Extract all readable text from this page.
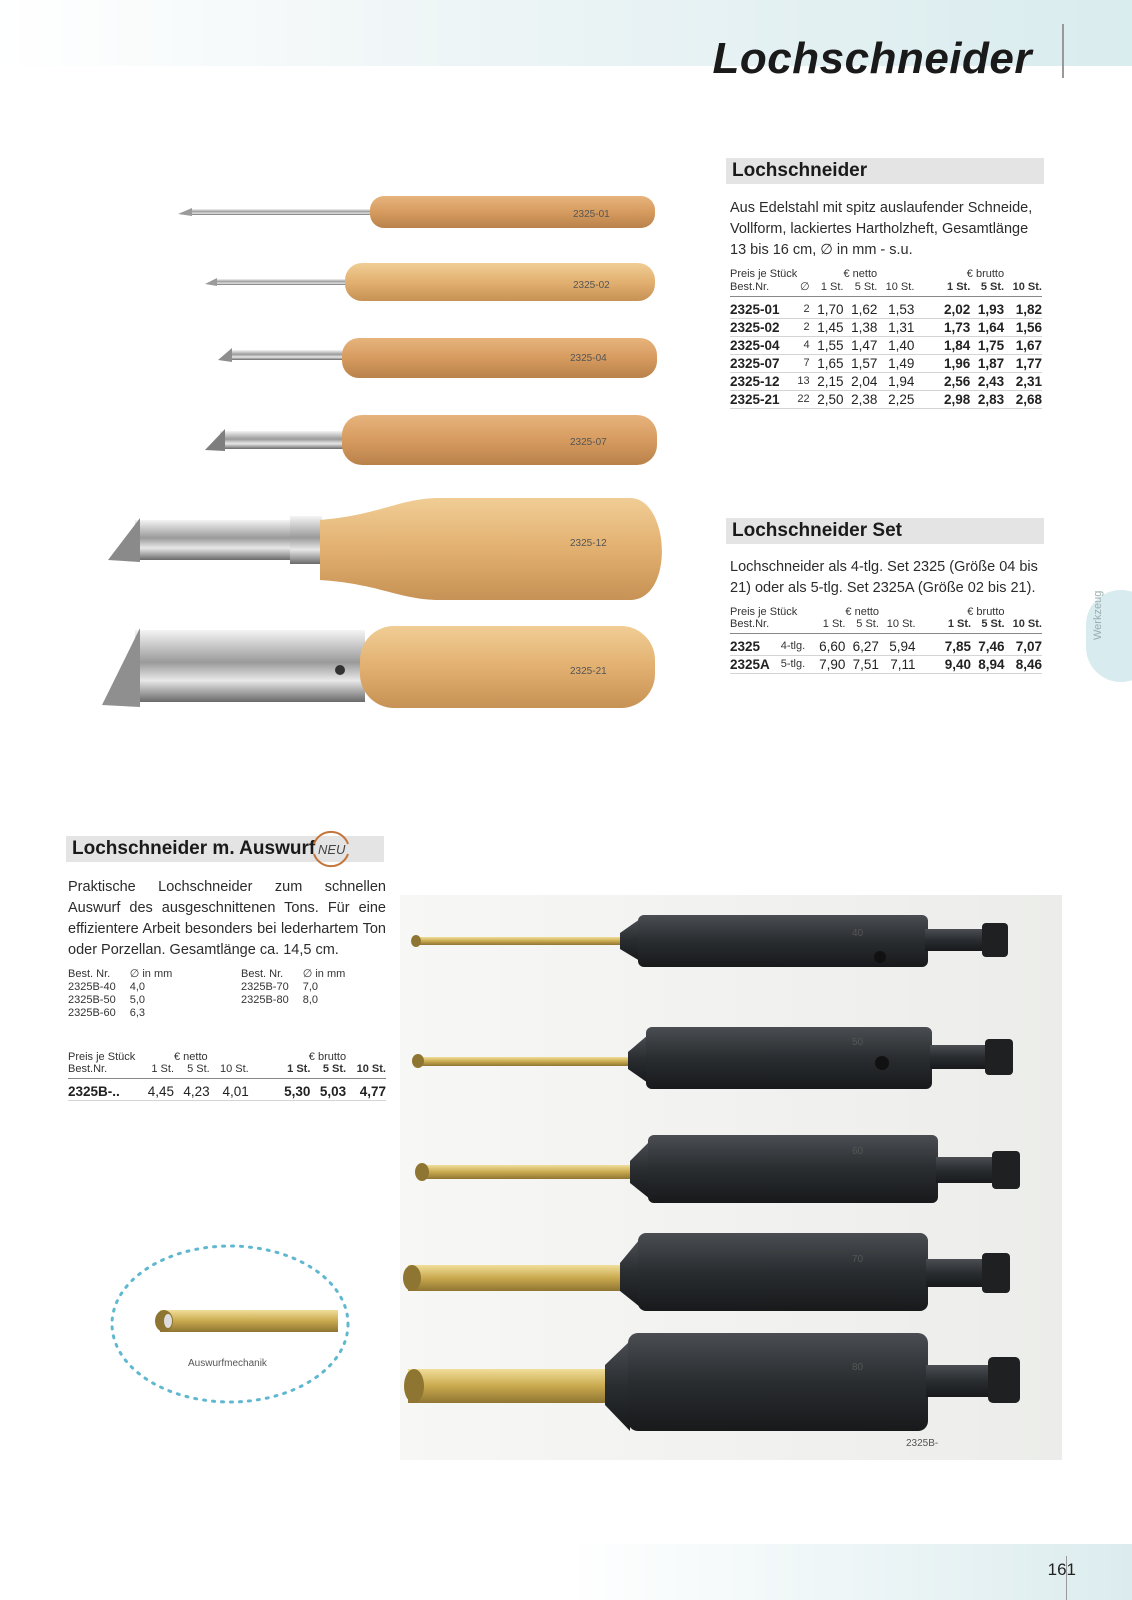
Lochschneider
Werkzeug
2325-01
2325-02
2325-04
2325-07
2325-12
2325-21
Lochschneider
Aus Edelstahl mit spitz auslaufender Schneide, Vollform, lackiertes Hartholzheft, Gesamtlänge 13 bis 16 cm, ∅ in mm - s.u.
Preis je Stück			€ netto			€ brutto		
Best.Nr.	∅	1 St.	5 St.	10 St.		1 St.	5 St.	10 St.
2325-01	2	1,70	1,62	1,53		2,02	1,93	1,82
2325-02	2	1,45	1,38	1,31		1,73	1,64	1,56
2325-04	4	1,55	1,47	1,40		1,84	1,75	1,67
2325-07	7	1,65	1,57	1,49		1,96	1,87	1,77
2325-12	13	2,15	2,04	1,94		2,56	2,43	2,31
2325-21	22	2,50	2,38	2,25		2,98	2,83	2,68
Lochschneider Set
Lochschneider als 4-tlg. Set 2325 (Größe 04 bis 21) oder als 5-tlg. Set 2325A (Größe 02 bis 21).
Preis je Stück			€ netto		€ brutto			
Best.Nr.		1 St.	5 St.	10 St.		1 St.	5 St.	10 St.
2325	4-tlg.	6,60	6,27	5,94		7,85	7,46	7,07
2325A	5-tlg.	7,90	7,51	7,11		9,40	8,94	8,46
Lochschneider m. Auswurf NEU
Praktische Lochschneider zum schnellen Auswurf des ausgeschnittenen Tons. Für eine effizientere Arbeit besonders bei lederhartem Ton oder Porzellan. Gesamtlänge ca. 14,5 cm.
Best. Nr.	∅ in mm
2325B-40	4,0
2325B-50	5,0
2325B-60	6,3
Best. Nr.	∅ in mm
2325B-70	7,0
2325B-80	8,0
Preis je Stück		€ netto			€ brutto		
Best.Nr.	1 St.	5 St.	10 St.		1 St.	5 St.	10 St.
2325B-..	4,45	4,23	4,01		5,30	5,03	4,77
40
50
60
70
80
2325B-
Auswurfmechanik
161
